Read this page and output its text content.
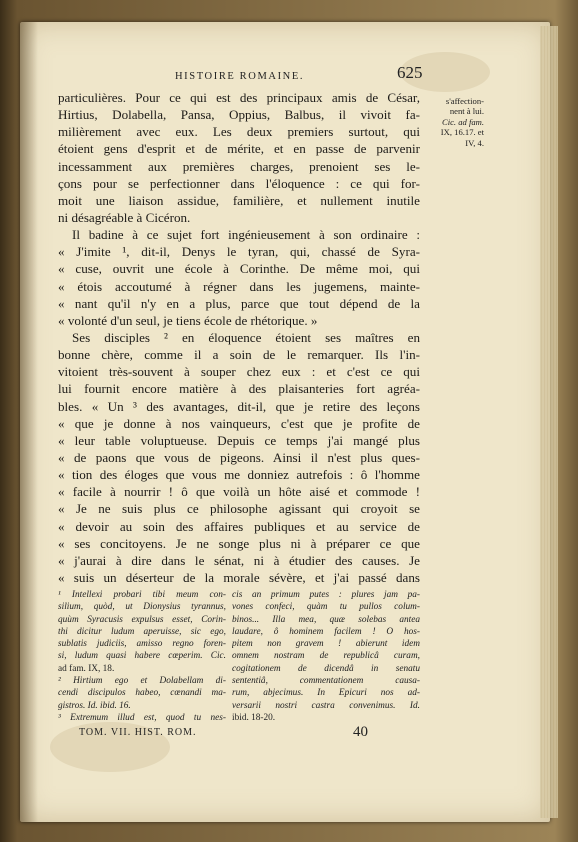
HISTOIRE ROMAINE.	625
s'affection-
nent à lui.
Cic. ad fam.
IX, 16.17. et
IV, 4.
particulières. Pour ce qui est des principaux amis de César,
Hirtius, Dolabella, Pansa, Oppius, Balbus, il vivoit fa-
milièrement avec eux. Les deux premiers surtout, qui
étoient gens d'esprit et de mérite, et en passe de parvenir
incessamment aux premières charges, prenoient ses le-
çons pour se perfectionner dans l'éloquence : ce qui for-
moit une liaison assidue, familière, et nullement inutile
ni désagréable à Cicéron.
Il badine à ce sujet fort ingénieusement à son ordinaire :
« J'imite ¹, dit-il, Denys le tyran, qui, chassé de Syra-
« cuse, ouvrit une école à Corinthe. De même moi, qui
« étois accoutumé à régner dans les jugemens, mainte-
« nant qu'il n'y en a plus, parce que tout dépend de la
« volonté d'un seul, je tiens école de rhétorique. »
Ses disciples ² en éloquence étoient ses maîtres en
bonne chère, comme il a soin de le remarquer. Ils l'in-
vitoient très-souvent à souper chez eux : et c'est ce qui
lui fournit encore matière à des plaisanteries fort agréa-
bles. « Un ³ des avantages, dit-il, que je retire des leçons
« que je donne à nos vainqueurs, c'est que je profite de
« leur table voluptueuse. Depuis ce temps j'ai mangé plus
« de paons que vous de pigeons. Ainsi il n'est plus ques-
« tion des éloges que vous me donniez autrefois : ô l'homme
« facile à nourrir ! ô que voilà un hôte aisé et commode !
« Je ne suis plus ce philosophe agissant qui croyoit se
« devoir au soin des affaires publiques et au service de
« ses concitoyens. Je ne songe plus ni à préparer ce que
« j'aurai à dire dans le sénat, ni à étudier des causes. Je
« suis un déserteur de la morale sévère, et j'ai passé dans
¹ Intellexi probari tibi meum con-
silium, quòd, ut Dionysius tyrannus,
quùm Syracusis expulsus esset, Corin-
thi dicitur ludum aperuisse, sic ego,
sublatis judiciis, amisso regno foren-
si, ludum quasi habere cœperim. Cic.
ad fam. IX, 18.
² Hirtium ego et Dolabellam di-
cendi discipulos habeo, cœnandi ma-
gistros. Id. ibid. 16.
³ Extremum illud est, quod tu nes-
cis an primum putes : plures jam pa-
vones confeci, quàm tu pullos colum-
binos... Illa mea, quæ solebas antea
laudare, ô hominem facilem ! O hos-
pitem non gravem ! abierunt idem
omnem nostram de republicâ curam,
cogitationem de dicendâ in senatu
sententiâ, commentationem causa-
rum, abjecimus. In Epicuri nos ad-
versarii nostri castra convenimus. Id.
ibid. 18-20.
TOM. VII. HIST. ROM.	40
